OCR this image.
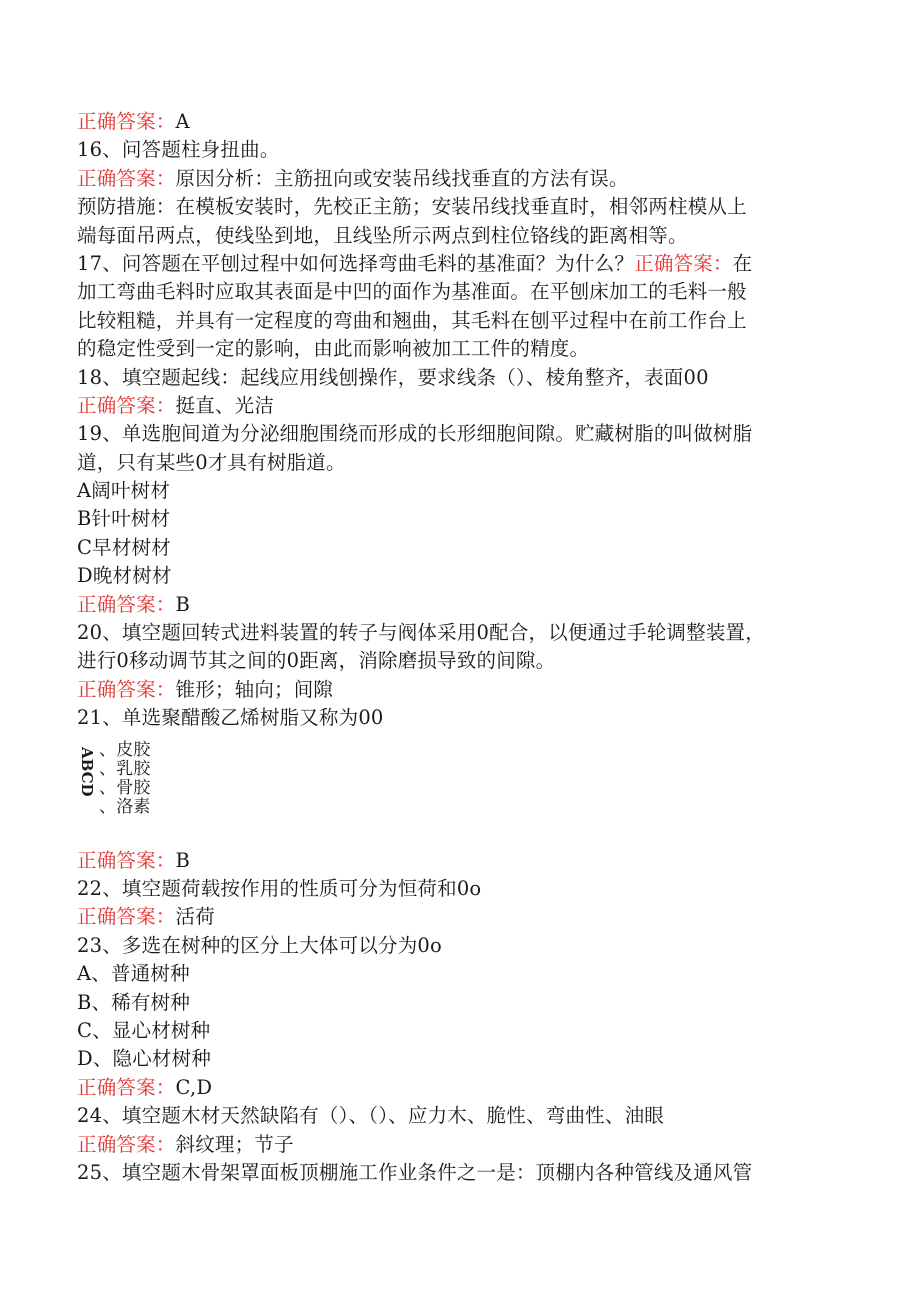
正确答案：A
16、问答题柱身扭曲。
正确答案：原因分析：主筋扭向或安装吊线找垂直的方法有误。
预防措施：在模板安装时，先校正主筋；安装吊线找垂直时，相邻两柱模从上
端每面吊两点，使线坠到地，且线坠所示两点到柱位铬线的距离相等。
17、问答题在平刨过程中如何选择弯曲毛料的基准面？为什么？正确答案：在
加工弯曲毛料时应取其表面是中凹的面作为基准面。在平刨床加工的毛料一般
比较粗糙，并具有一定程度的弯曲和翘曲，其毛料在刨平过程中在前工作台上
的稳定性受到一定的影响，由此而影响被加工工件的精度。
18、填空题起线：起线应用线刨操作，要求线条（）、棱角整齐，表面00
正确答案：挺直、光洁
19、单选胞间道为分泌细胞围绕而形成的长形细胞间隙。贮藏树脂的叫做树脂
道，只有某些0才具有树脂道。
A阔叶树材
B针叶树材
C早材树材
D晚材树材
正确答案：B
20、填空题回转式进料装置的转子与阀体采用0配合，以便通过手轮调整装置，
进行0移动调节其之间的0距离，消除磨损导致的间隙。
正确答案：锥形；轴向；间隙
21、单选聚醋酸乙烯树脂又称为00
ABCD 、皮胶
、乳胶
、骨胶
、洛素
正确答案：B
22、填空题荷载按作用的性质可分为恒荷和0o
正确答案：活荷
23、多选在树种的区分上大体可以分为0o
A、普通树种
B、稀有树种
C、显心材树种
D、隐心材树种
正确答案：C,D
24、填空题木材天然缺陷有（）、（）、应力木、脆性、弯曲性、油眼
正确答案：斜纹理；节子
25、填空题木骨架罩面板顶棚施工作业条件之一是：顶棚内各种管线及通风管
